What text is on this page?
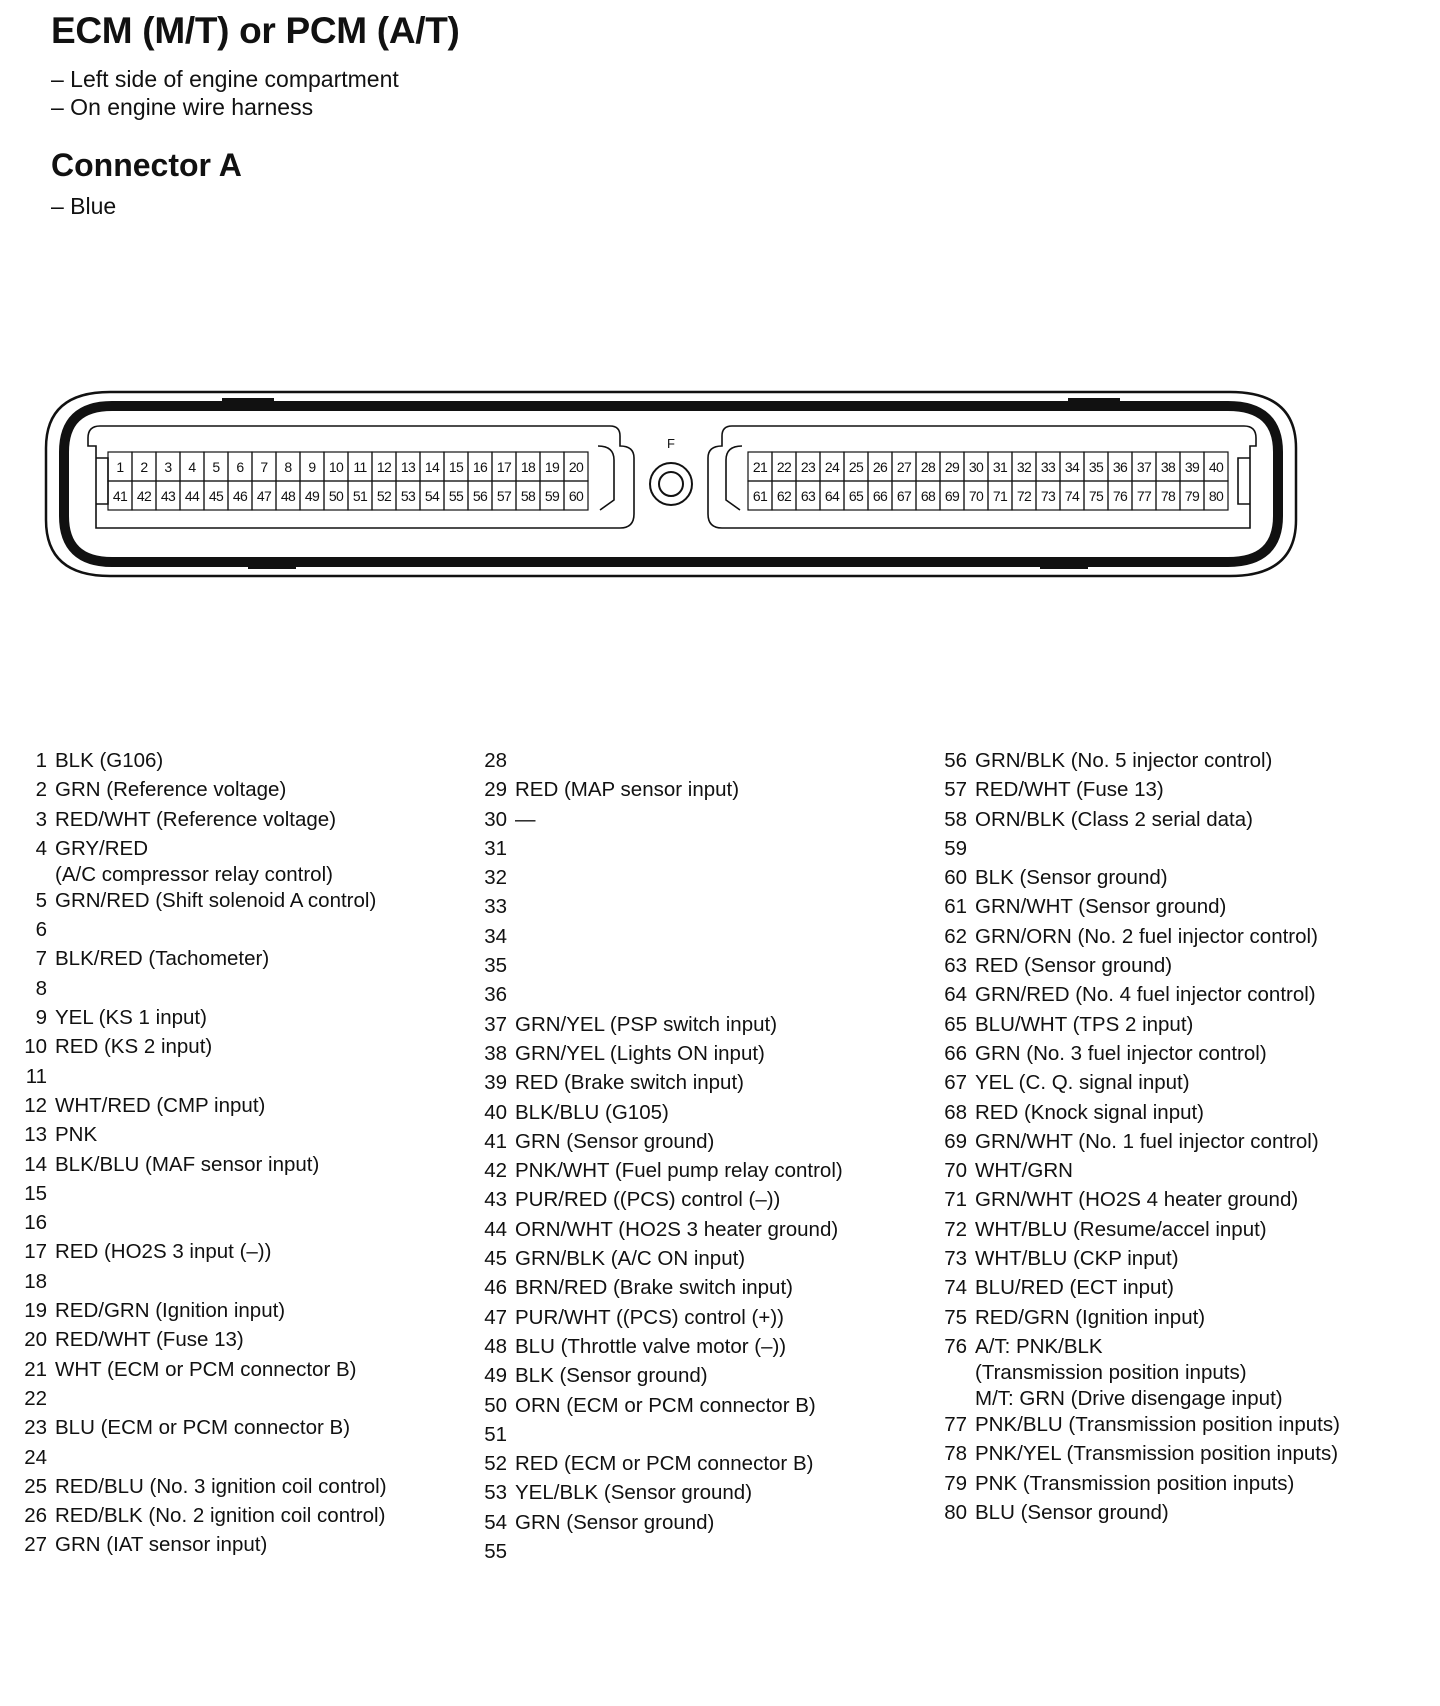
ECM (M/T) or PCM (A/T)
– Left side of engine compartment
– On engine wire harness
Connector A
– Blue
F
1 2 3 4 5 6 7 8 9 10 11 12 13 14 15 16 17 18 19 20
41 42 43 44 45 46 47 48 49 50 51 52 53 54 55 56 57 58 59 60
21 22 23 24 25 26 27 28 29 30 31 32 33 34 35 36 37 38 39 40
61 62 63 64 65 66 67 68 69 70 71 72 73 74 75 76 77 78 79 80
1 BLK (G106)
2 GRN (Reference voltage)
3 RED/WHT (Reference voltage)
4 GRY/RED
(A/C compressor relay control)
5 GRN/RED (Shift solenoid A control)
6
7 BLK/RED (Tachometer)
8
9 YEL (KS 1 input)
10 RED (KS 2 input)
11
12 WHT/RED (CMP input)
13 PNK
14 BLK/BLU (MAF sensor input)
15
16
17 RED (HO2S 3 input (–))
18
19 RED/GRN (Ignition input)
20 RED/WHT (Fuse 13)
21 WHT (ECM or PCM connector B)
22
23 BLU (ECM or PCM connector B)
24
25 RED/BLU (No. 3 ignition coil control)
26 RED/BLK (No. 2 ignition coil control)
27 GRN (IAT sensor input)
28
29 RED (MAP sensor input)
30 —
31
32
33
34
35
36
37 GRN/YEL (PSP switch input)
38 GRN/YEL (Lights ON input)
39 RED (Brake switch input)
40 BLK/BLU (G105)
41 GRN (Sensor ground)
42 PNK/WHT (Fuel pump relay control)
43 PUR/RED ((PCS) control (–))
44 ORN/WHT (HO2S 3 heater ground)
45 GRN/BLK (A/C ON input)
46 BRN/RED (Brake switch input)
47 PUR/WHT ((PCS) control (+))
48 BLU (Throttle valve motor (–))
49 BLK (Sensor ground)
50 ORN (ECM or PCM connector B)
51
52 RED (ECM or PCM connector B)
53 YEL/BLK (Sensor ground)
54 GRN (Sensor ground)
55
56 GRN/BLK (No. 5 injector control)
57 RED/WHT (Fuse 13)
58 ORN/BLK (Class 2 serial data)
59
60 BLK (Sensor ground)
61 GRN/WHT (Sensor ground)
62 GRN/ORN (No. 2 fuel injector control)
63 RED (Sensor ground)
64 GRN/RED (No. 4 fuel injector control)
65 BLU/WHT (TPS 2 input)
66 GRN (No. 3 fuel injector control)
67 YEL (C. Q. signal input)
68 RED (Knock signal input)
69 GRN/WHT (No. 1 fuel injector control)
70 WHT/GRN
71 GRN/WHT (HO2S 4 heater ground)
72 WHT/BLU (Resume/accel input)
73 WHT/BLU (CKP input)
74 BLU/RED (ECT input)
75 RED/GRN (Ignition input)
76 A/T: PNK/BLK
(Transmission position inputs)
M/T: GRN (Drive disengage input)
77 PNK/BLU (Transmission position inputs)
78 PNK/YEL (Transmission position inputs)
79 PNK (Transmission position inputs)
80 BLU (Sensor ground)
